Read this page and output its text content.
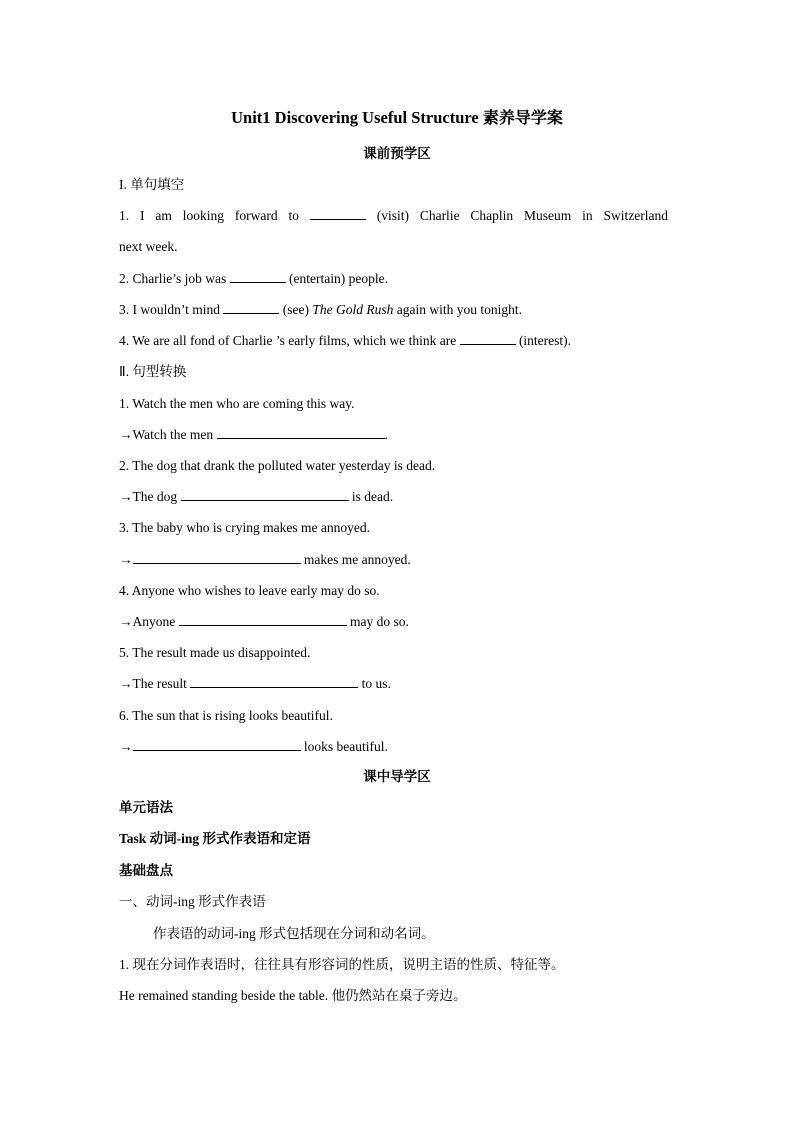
Unit1 Discovering Useful Structure 素养导学案
课前预学区
I. 单句填空
1. I am looking forward to	(visit) Charlie Chaplin Museum in Switzerland
next week.
2. Charlie’s job was	(entertain) people.
3. I wouldn’t mind	(see) The Gold Rush again with you tonight.
4. We are all fond of Charlie ’s early films, which we think are	(interest).
Ⅱ. 句型转换
1. Watch the men who are coming this way.
→Watch the men	.
2. The dog that drank the polluted water yesterday is dead.
→The dog	is dead.
3. The baby who is crying makes me annoyed.
→	makes me annoyed.
4. Anyone who wishes to leave early may do so.
→Anyone	may do so.
5. The result made us disappointed.
→The result	to us.
6. The sun that is rising looks beautiful.
→	looks beautiful.
课中导学区
单元语法
Task 动词-ing 形式作表语和定语
基础盘点
一、动词-ing 形式作表语
作表语的动词-ing 形式包括现在分词和动名词。
1. 现在分词作表语时，往往具有形容词的性质，说明主语的性质、特征等。
He remained standing beside the table. 他仍然站在桌子旁边。
